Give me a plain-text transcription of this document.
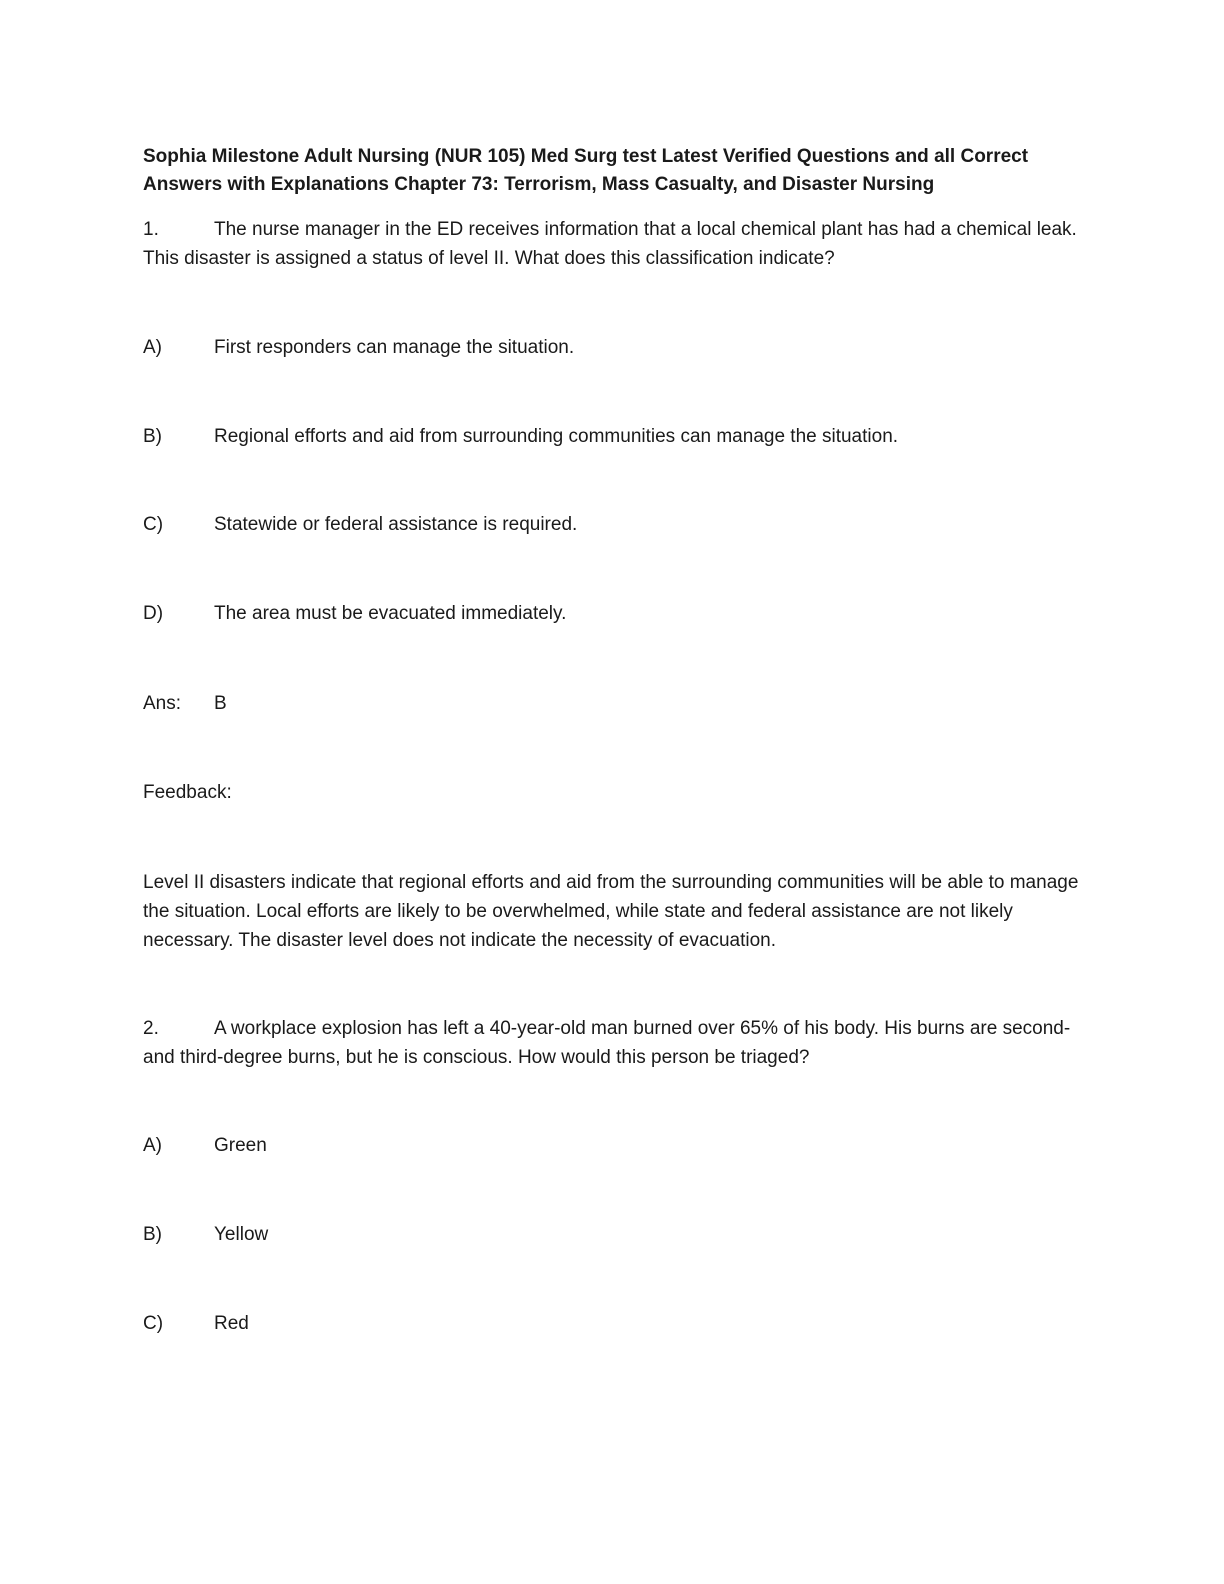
Sophia Milestone Adult Nursing (NUR 105) Med Surg test Latest Verified Questions and all Correct Answers with Explanations Chapter 73: Terrorism, Mass Casualty, and Disaster Nursing

1.	The nurse manager in the ED receives information that a local chemical plant has had a chemical leak. This disaster is assigned a status of level II. What does this classification indicate?

A)	First responders can manage the situation.
B)	Regional efforts and aid from surrounding communities can manage the situation.
C)	Statewide or federal assistance is required.
D)	The area must be evacuated immediately.
Ans: B
Feedback:

Level II disasters indicate that regional efforts and aid from the surrounding communities will be able to manage the situation. Local efforts are likely to be overwhelmed, while state and federal assistance are not likely necessary. The disaster level does not indicate the necessity of evacuation.

2.	A workplace explosion has left a 40-year-old man burned over 65% of his body. His burns are second- and third-degree burns, but he is conscious. How would this person be triaged?

A)	Green
B)	Yellow
C)	Red
